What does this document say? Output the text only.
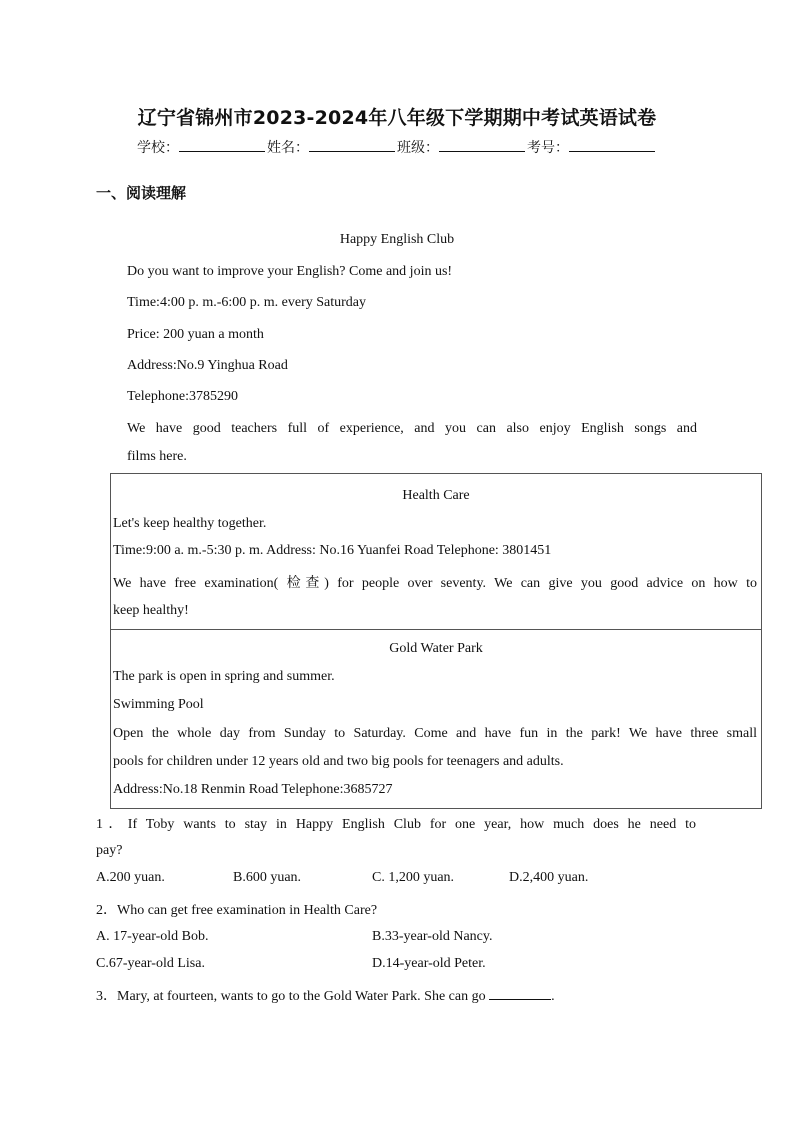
辽宁省锦州市2023-2024年八年级下学期期中考试英语试卷
学校：	姓名：	班级：	考号：
一、阅读理解
Happy English Club
Do you want to improve your English? Come and join us!
Time:4:00 p. m.-6:00 p. m. every Saturday
Price: 200 yuan a month
Address:No.9 Yinghua Road
Telephone:3785290
We have good teachers full of experience, and you can also enjoy English songs and
films here.
Health Care
Let's keep healthy together.
Time:9:00 a. m.-5:30 p. m. Address: No.16 Yuanfei Road Telephone: 3801451
We have free examination( 检查) for people over seventy. We can give you good advice on how to
keep healthy!
Gold Water Park
The park is open in spring and summer.
Swimming Pool
Open the whole day from Sunday to Saturday. Come and have fun in the park! We have three small
pools for children under 12 years old and two big pools for teenagers and adults.
Address:No.18 Renmin Road Telephone:3685727
1．If Toby wants to stay in Happy English Club for one year, how much does he need to
pay?
A.200 yuan.	B.600 yuan.	C. 1,200 yuan.	D.2,400 yuan.
2．Who can get free examination in Health Care?
A. 17-year-old Bob.	B.33-year-old Nancy.
C.67-year-old Lisa.	D.14-year-old Peter.
3．Mary, at fourteen, wants to go to the Gold Water Park. She can go	.
